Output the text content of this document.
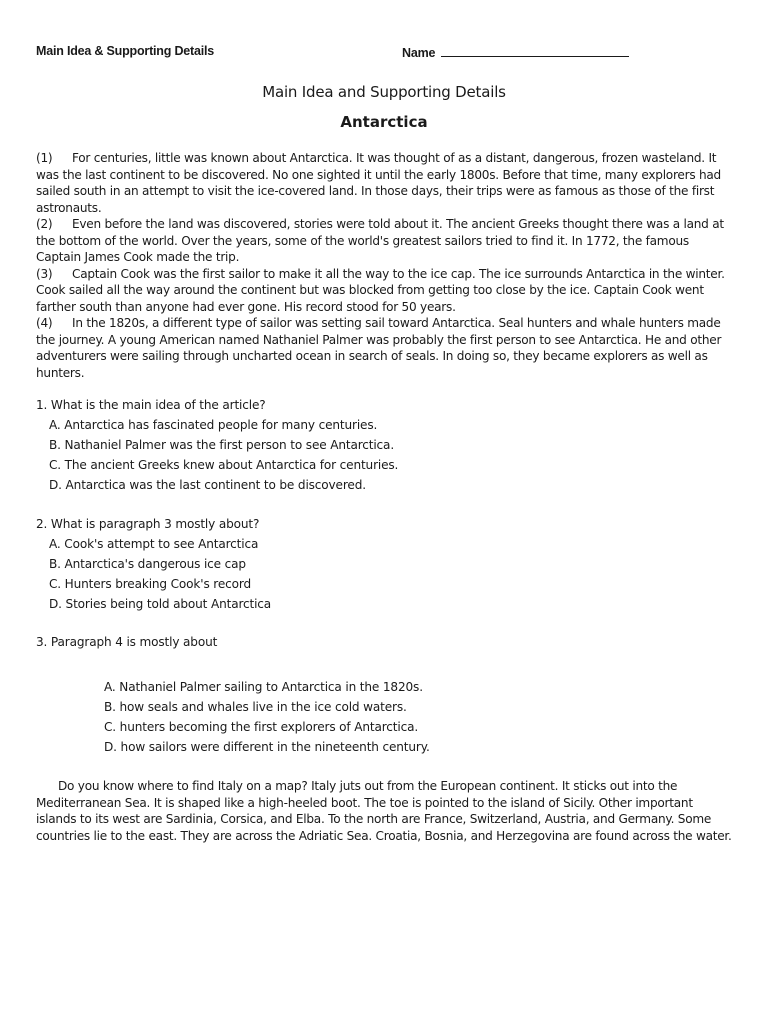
Main Idea & Supporting Details	Name
Main Idea and Supporting Details
Antarctica

(1) For centuries, little was known about Antarctica. It was thought of as a distant, dangerous, frozen wasteland. It was the last continent to be discovered. No one sighted it until the early 1800s. Before that time, many explorers had sailed south in an attempt to visit the ice-covered land. In those days, their trips were as famous as those of the first astronauts.

(2) Even before the land was discovered, stories were told about it. The ancient Greeks thought there was a land at the bottom of the world. Over the years, some of the world's greatest sailors tried to find it. In 1772, the famous Captain James Cook made the trip.

(3) Captain Cook was the first sailor to make it all the way to the ice cap. The ice surrounds Antarctica in the winter. Cook sailed all the way around the continent but was blocked from getting too close by the ice. Captain Cook went farther south than anyone had ever gone. His record stood for 50 years.

(4) In the 1820s, a different type of sailor was setting sail toward Antarctica. Seal hunters and whale hunters made the journey. A young American named Nathaniel Palmer was probably the first person to see Antarctica. He and other adventurers were sailing through uncharted ocean in search of seals. In doing so, they became explorers as well as hunters.

1. What is the main idea of the article?

A. Antarctica has fascinated people for many centuries.

B. Nathaniel Palmer was the first person to see Antarctica.

C. The ancient Greeks knew about Antarctica for centuries.

D. Antarctica was the last continent to be discovered.

2. What is paragraph 3 mostly about?

A. Cook's attempt to see Antarctica

B. Antarctica's dangerous ice cap

C. Hunters breaking Cook's record

D. Stories being told about Antarctica

3. Paragraph 4 is mostly about

A. Nathaniel Palmer sailing to Antarctica in the 1820s.

B. how seals and whales live in the ice cold waters.

C. hunters becoming the first explorers of Antarctica.

D. how sailors were different in the nineteenth century.

Do you know where to find Italy on a map? Italy juts out from the European continent. It sticks out into the Mediterranean Sea. It is shaped like a high-heeled boot. The toe is pointed to the island of Sicily. Other important islands to its west are Sardinia, Corsica, and Elba. To the north are France, Switzerland, Austria, and Germany. Some countries lie to the east. They are across the Adriatic Sea. Croatia, Bosnia, and Herzegovina are found across the water.
